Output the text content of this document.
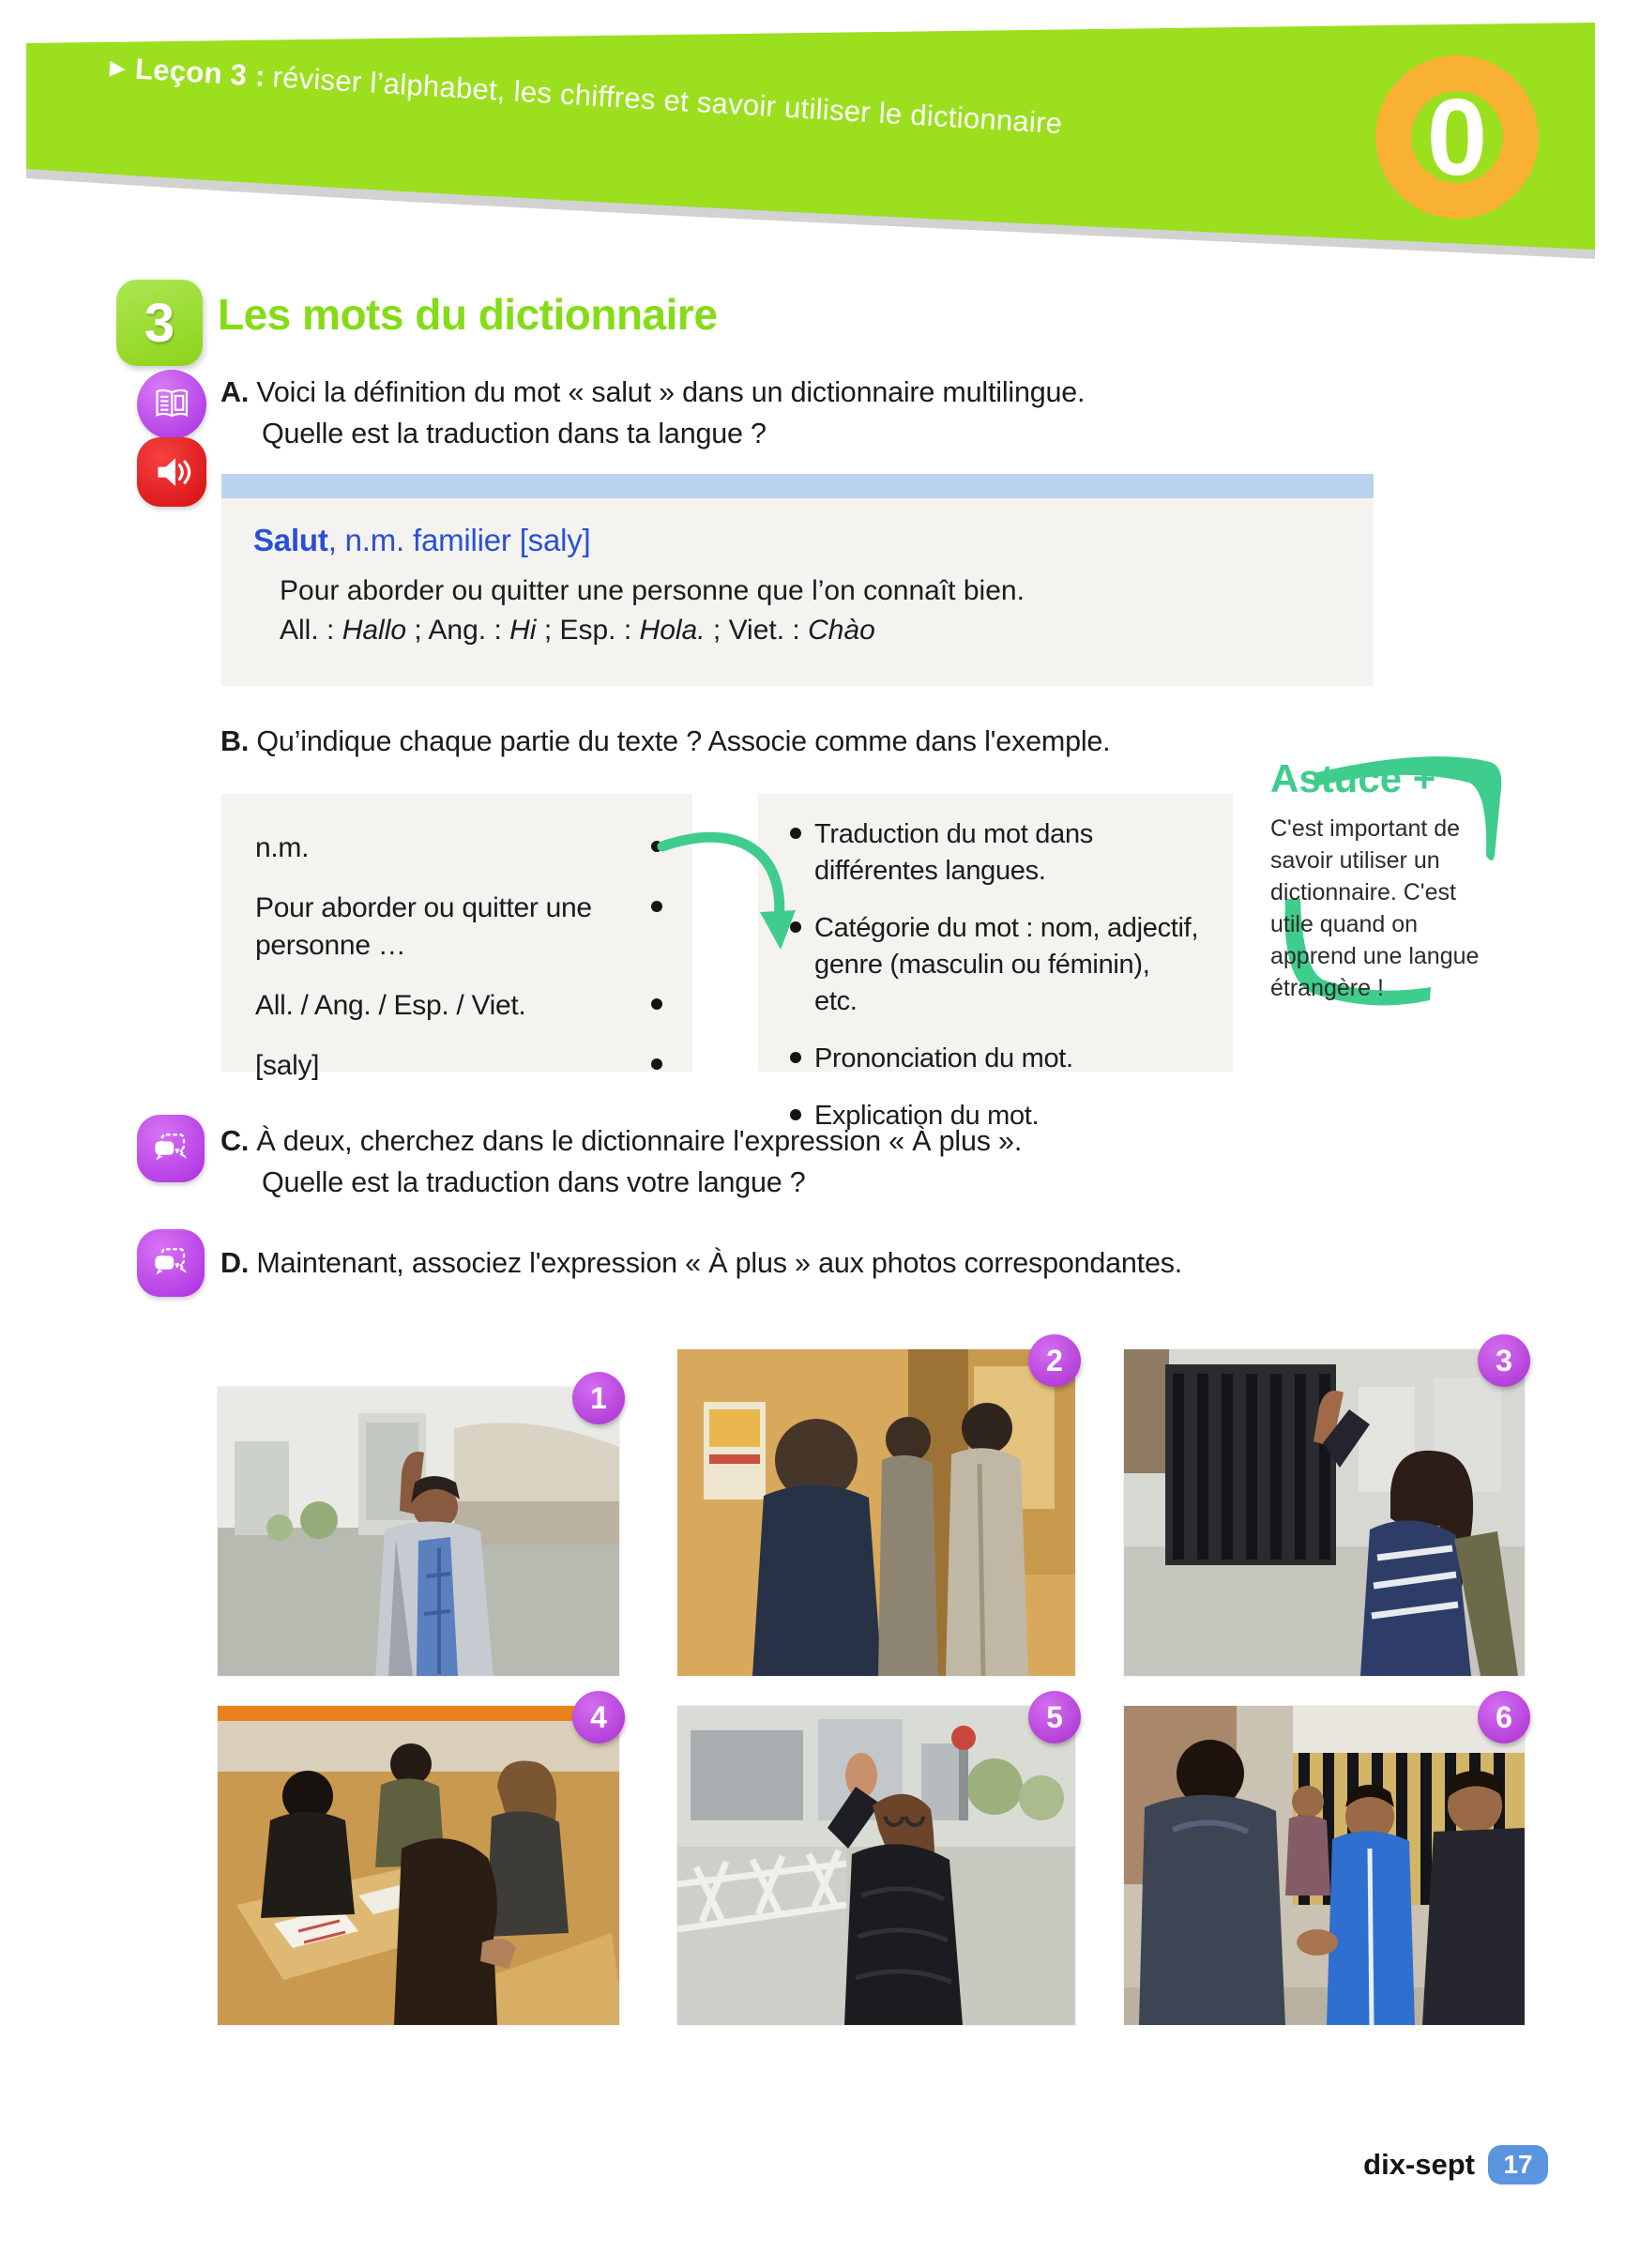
0
▶ Leçon 3 : réviser l’alphabet, les chiffres et savoir utiliser le dictionnaire
3 Les mots du dictionnaire
A. Voici la définition du mot « salut » dans un dictionnaire multilingue.
Quelle est la traduction dans ta langue ?
Salut, n.m. familier [saly]
Pour aborder ou quitter une personne que l’on connaît bien.
All. : Hallo ; Ang. : Hi ; Esp. : Hola. ; Viet. : Chào
B. Qu’indique chaque partie du texte ? Associe comme dans l'exemple.
n.m.
Pour aborder ou quitter une
personne …
All. / Ang. / Esp. / Viet.
[saly]
Traduction du mot dans différentes langues.
Catégorie du mot : nom, adjectif, genre (masculin ou féminin), etc.
Prononciation du mot.
Explication du mot.
Astuce +
C'est important de savoir utiliser un dictionnaire. C'est utile quand on apprend une langue étrangère !
C. À deux, cherchez dans le dictionnaire l'expression « À plus ».
Quelle est la traduction dans votre langue ?
D. Maintenant, associez l'expression « À plus » aux photos correspondantes.
1
2	3
4	5	6
dix-sept	17
